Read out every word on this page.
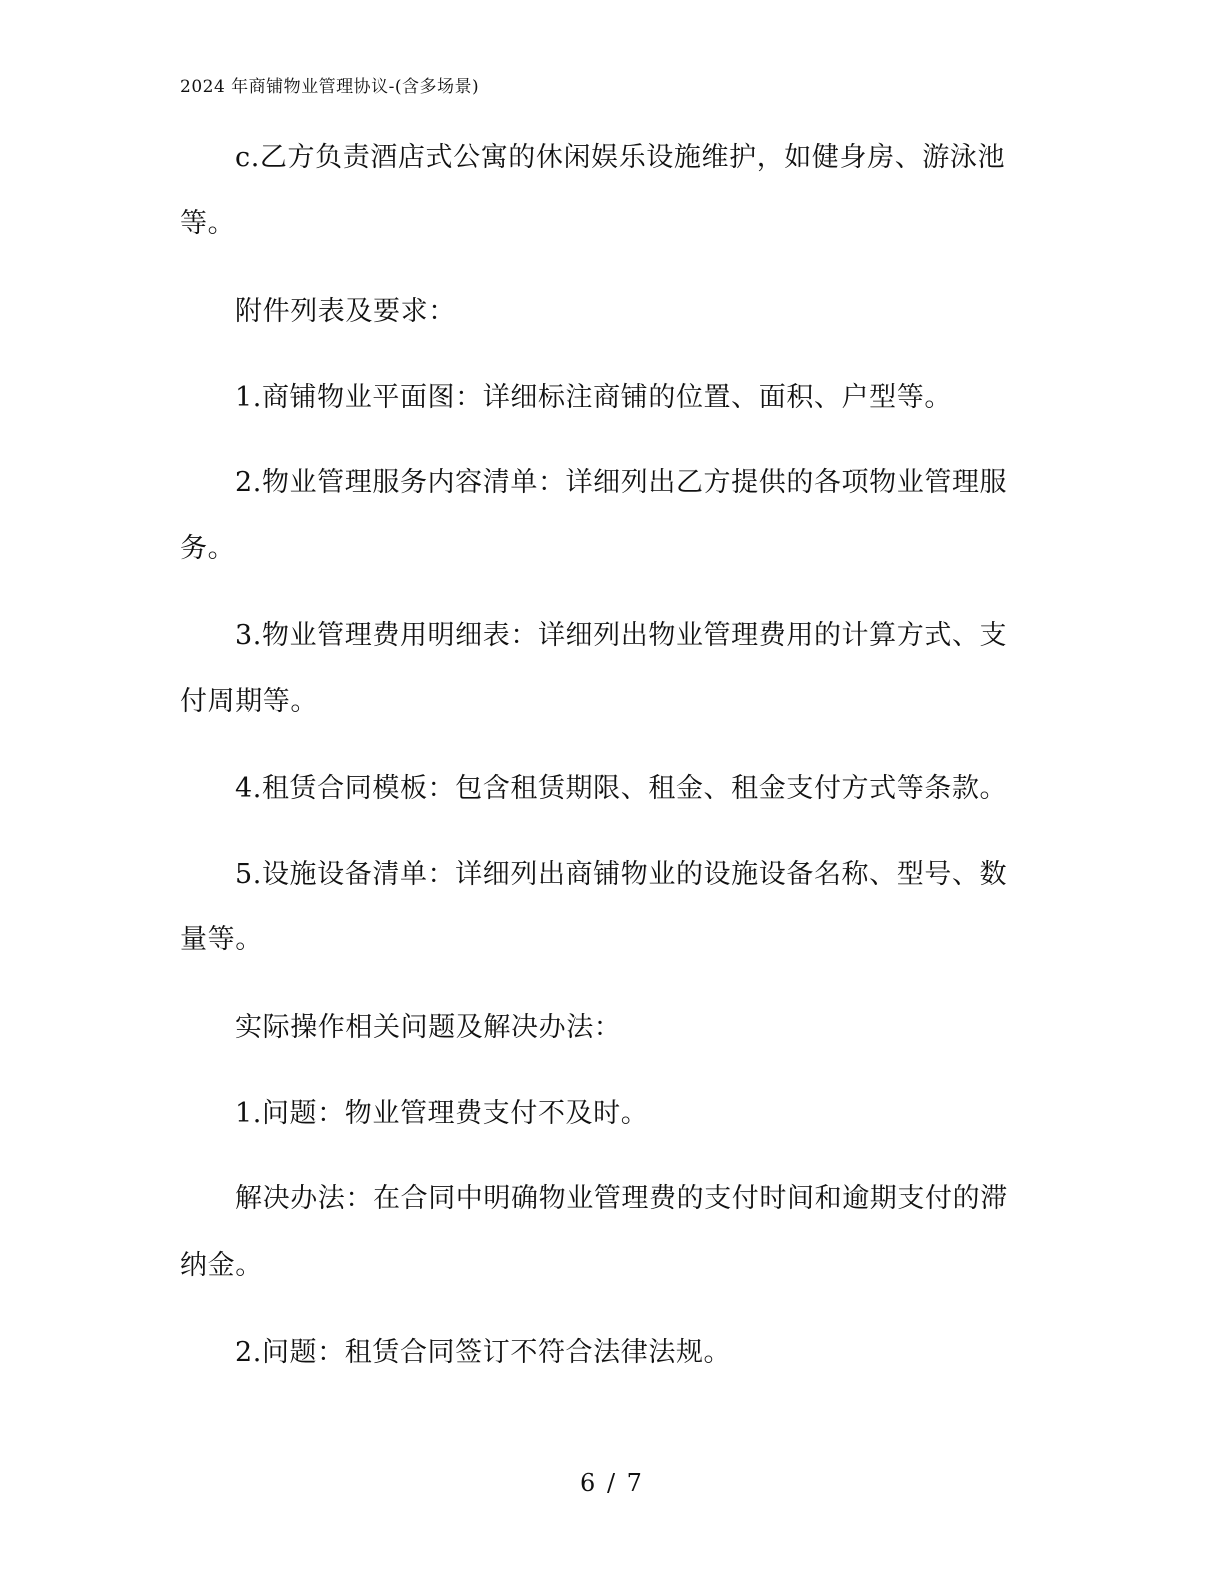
2024 年商铺物业管理协议-(含多场景)
c.乙方负责酒店式公寓的休闲娱乐设施维护，如健身房、游泳池
等。
附件列表及要求：
1.商铺物业平面图：详细标注商铺的位置、面积、户型等。
2.物业管理服务内容清单：详细列出乙方提供的各项物业管理服
务。
3.物业管理费用明细表：详细列出物业管理费用的计算方式、支
付周期等。
4.租赁合同模板：包含租赁期限、租金、租金支付方式等条款。
5.设施设备清单：详细列出商铺物业的设施设备名称、型号、数
量等。
实际操作相关问题及解决办法：
1.问题：物业管理费支付不及时。
解决办法：在合同中明确物业管理费的支付时间和逾期支付的滞
纳金。
2.问题：租赁合同签订不符合法律法规。
6 / 7
